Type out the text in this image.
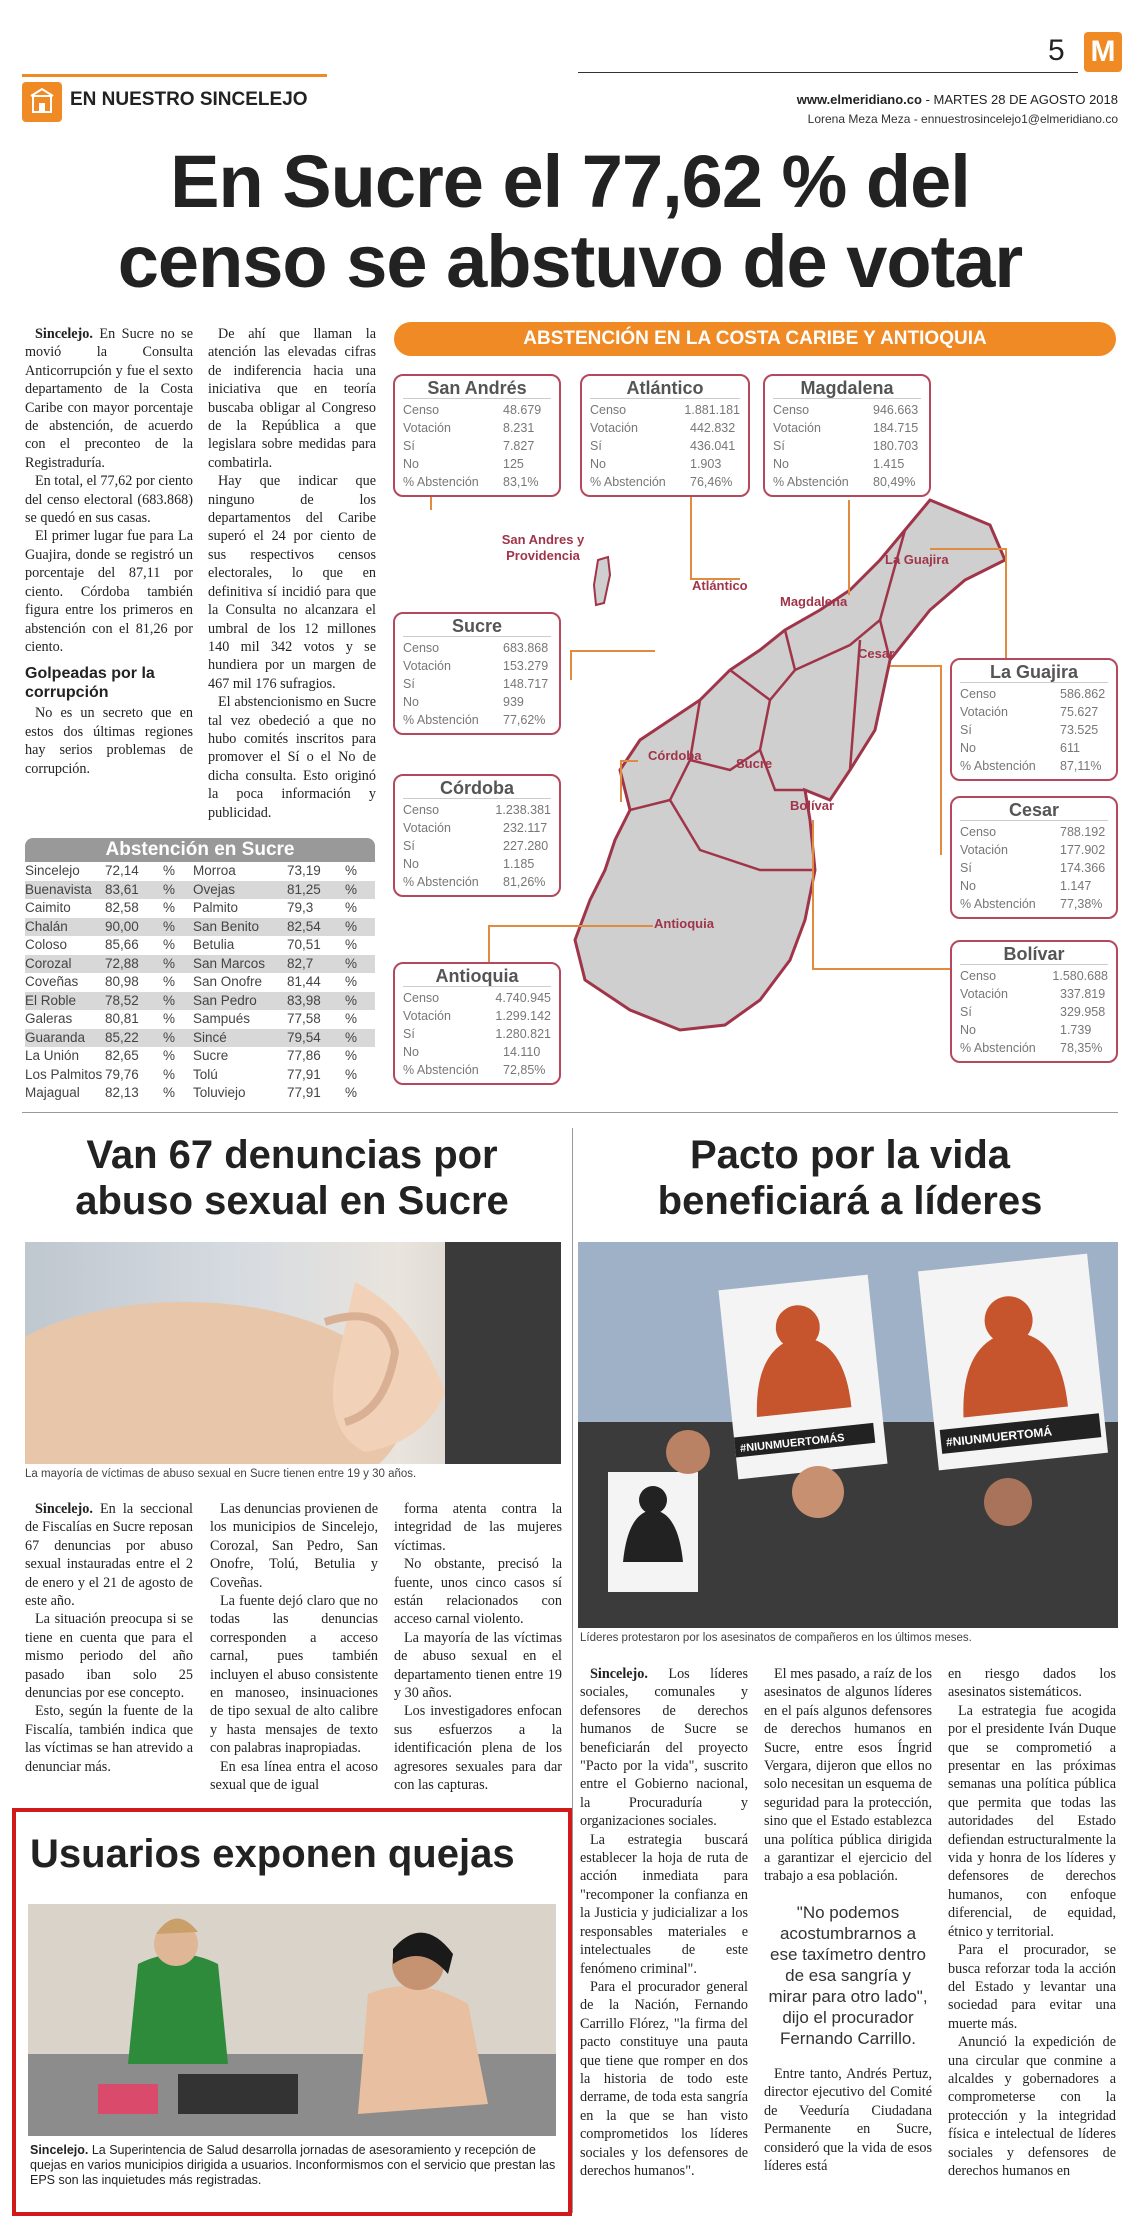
EN NUESTRO SINCELEJO
5 M
www.elmeridiano.co - MARTES 28 DE AGOSTO 2018
Lorena Meza Meza - ennuestrosincelejo1@elmeridiano.co
En Sucre el 77,62 % del
censo se abstuvo de votar

Sincelejo. En Sucre no se movió la Consulta Anticorrupción y fue el sexto departamento de la Costa Caribe con mayor porcentaje de abstención, de acuerdo con el preconteo de la Registraduría.

En total, el 77,62 por ciento del censo electoral (683.868) se quedó en sus casas.

El primer lugar fue para La Guajira, donde se registró un porcentaje del 87,11 por ciento. Córdoba también figura entre los primeros en abstención con el 81,26 por ciento.

Golpeadas por la corrupción

No es un secreto que en estos dos últimas regiones hay serios problemas de corrupción.

De ahí que llaman la atención las elevadas cifras de indiferencia hacia una iniciativa que en teoría buscaba obligar al Congreso de la República a que legislara sobre medidas para combatirla.

Hay que indicar que ninguno de los departamentos del Caribe superó el 24 por ciento de sus respectivos censos electorales, lo que en definitiva sí incidió para que la Consulta no alcanzara el umbral de los 12 millones 140 mil 342 votos y se hundiera por un margen de 467 mil 176 sufragios.

El abstencionismo en Sucre tal vez obedeció a que no hubo comités inscritos para promover el Sí o el No de dicha consulta. Esto originó la poca información y publicidad.

Abstención en Sucre
Sincelejo	72,14	%	Morroa	73,19	%
Buenavista 83,61	%	Ovejas	81,25	%
Caimito	82,58	%	Palmito	79,3	%
Chalán	90,00	%	San Benito	82,54	%
Coloso	85,66	%	Betulia	70,51	%
Corozal	72,88	%	San Marcos	82,7	%
Coveñas	80,98	%	San Onofre	81,44	%
El Roble	78,52	%	San Pedro	83,98	%
Galeras	80,81	%	Sampués	77,58	%
Guaranda	85,22	%	Sincé	79,54	%
La Unión	82,65	%	Sucre	77,86	%
Los Palmitos 79,76	%	Tolú	77,91	%
Majagual	82,13	%	Toluviejo	77,91	%
ABSTENCIÓN EN LA COSTA CARIBE Y ANTIOQUIA
San Andres y Providencia
Atlántico
Magdalena
La Guajira
Cesar
Córdoba
Sucre
Bolívar
Antioquia
San Andrés
Censo	48.679
Votación	8.231
Sí	7.827
No	125
% Abstención	83,1%
Atlántico
Censo	1.881.181
Votación	442.832
Sí	436.041
No	1.903
% Abstención	76,46%
Magdalena
Censo	946.663
Votación	184.715
Sí	180.703
No	1.415
% Abstención	80,49%
Sucre
Censo	683.868
Votación	153.279
Sí	148.717
No	939
% Abstención	77,62%
La Guajira
Censo	586.862
Votación	75.627
Sí	73.525
No	611
% Abstención	87,11%
Córdoba
Censo	1.238.381
Votación	232.117
Sí	227.280
No	1.185
% Abstención	81,26%
Cesar
Censo	788.192
Votación	177.902
Sí	174.366
No	1.147
% Abstención	77,38%
Antioquia
Censo	4.740.945
Votación	1.299.142
Sí	1.280.821
No	14.110
% Abstención	72,85%
Bolívar
Censo	1.580.688
Votación	337.819
Sí	329.958
No	1.739
% Abstención	78,35%
Van 67 denuncias por
abuso sexual en Sucre
La mayoría de víctimas de abuso sexual en Sucre tienen entre 19 y 30 años.

Sincelejo. En la seccional de Fiscalías en Sucre reposan 67 denuncias por abuso sexual instauradas entre el 2 de enero y el 21 de agosto de este año.

La situación preocupa si se tiene en cuenta que para el mismo periodo del año pasado iban solo 25 denuncias por ese concepto.

Esto, según la fuente de la Fiscalía, también indica que las víctimas se han atrevido a denunciar más.

Las denuncias provienen de los municipios de Sincelejo, Corozal, San Pedro, San Onofre, Tolú, Betulia y Coveñas.

La fuente dejó claro que no todas las denuncias corresponden a acceso carnal, pues también incluyen el abuso consistente en manoseo, insinuaciones de tipo sexual de alto calibre y hasta mensajes de texto con palabras inapropiadas.

En esa línea entra el acoso sexual que de igual

forma atenta contra la integridad de las mujeres víctimas.

No obstante, precisó la fuente, unos cinco casos sí están relacionados con acceso carnal violento.

La mayoría de las víctimas de abuso sexual en el departamento tienen entre 19 y 30 años.

Los investigadores enfocan sus esfuerzos a la identificación plena de los agresores sexuales para dar con las capturas.

Usuarios exponen quejas
Sincelejo. La Superintencia de Salud desarrolla jornadas de asesoramiento y recepción de quejas en varios municipios dirigida a usuarios. Inconformismos con el servicio que prestan las EPS son las inquietudes más registradas.
Pacto por la vida
beneficiará a líderes
#NIUNMUERTOMÁS	#NIUNMUERTOMÁ
Líderes protestaron por los asesinatos de compañeros en los últimos meses.

Sincelejo. Los líderes sociales, comunales y defensores de derechos humanos de Sucre se beneficiarán del proyecto "Pacto por la vida", suscrito entre el Gobierno nacional, la Procuraduría y organizaciones sociales.

La estrategia buscará establecer la hoja de ruta de acción inmediata para "recomponer la confianza en la Justicia y judicializar a los responsables materiales e intelectuales de este fenómeno criminal".

Para el procurador general de la Nación, Fernando Carrillo Flórez, "la firma del pacto constituye una pauta que tiene que romper en dos la historia de todo este derrame, de toda esta sangría en la que se han visto comprometidos los líderes sociales y los defensores de derechos humanos".

El mes pasado, a raíz de los asesinatos de algunos líderes en el país algunos defensores de derechos humanos en Sucre, entre esos Íngrid Vergara, dijeron que ellos no solo necesitan un esquema de seguridad para la protección, sino que el Estado establezca una política pública dirigida a garantizar el ejercicio del trabajo a esa población.

"No podemos acostumbrarnos a ese taxímetro dentro de esa sangría y mirar para otro lado", dijo el procurador Fernando Carrillo.

Entre tanto, Andrés Pertuz, director ejecutivo del Comité de Veeduría Ciudadana Permanente en Sucre, consideró que la vida de esos líderes está

en riesgo dados los asesinatos sistemáticos.

La estrategia fue acogida por el presidente Iván Duque que se comprometió a presentar en las próximas semanas una política pública que permita que todas las autoridades del Estado defiendan estructuralmente la vida y honra de los líderes y defensores de derechos humanos, con enfoque diferencial, de equidad, étnico y territorial.

Para el procurador, se busca reforzar toda la acción del Estado y levantar una sociedad para evitar una muerte más.

Anunció la expedición de una circular que conmine a alcaldes y gobernadores a comprometerse con la protección y la integridad física e intelectual de líderes sociales y defensores de derechos humanos en
